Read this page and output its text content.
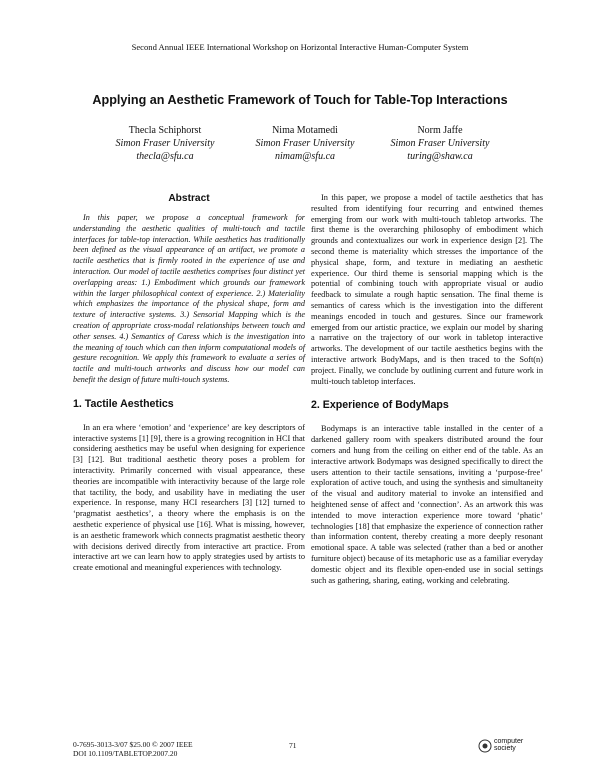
Second Annual IEEE International Workshop on Horizontal Interactive Human-Computer System
Applying an Aesthetic Framework of Touch for Table-Top Interactions
Thecla Schiphorst
Simon Fraser University
thecla@sfu.ca
Nima Motamedi
Simon Fraser University
nimam@sfu.ca
Norm Jaffe
Simon Fraser University
turing@shaw.ca
Abstract

In this paper, we propose a conceptual framework for understanding the aesthetic qualities of multi-touch and tactile interfaces for table-top interaction. While aesthetics has traditionally been defined as the visual appearance of an artifact, we promote a tactile aesthetics that is firmly rooted in the experience of use and interaction. Our model of tactile aesthetics comprises four distinct yet overlapping areas: 1.) Embodiment which grounds our framework within the larger philosophical context of experience. 2.) Materiality which emphasizes the importance of the physical shape, form and texture of interactive systems. 3.) Sensorial Mapping which is the creation of appropriate cross-modal relationships between touch and other senses. 4.) Semantics of Caress which is the investigation into the meaning of touch which can then inform computational models of gesture recognition. We apply this framework to evaluate a series of tactile and multi-touch artworks and discuss how our model can benefit the design of future multi-touch systems.

1. Tactile Aesthetics

In an era where ‘emotion’ and ‘experience’ are key descriptors of interactive systems [1] [9], there is a growing recognition in HCI that considering aesthetics may be useful when designing for experience [3] [12]. But traditional aesthetic theory poses a problem for interactivity. Primarily concerned with visual appearance, these theories are incompatible with interactivity because of the large role that tactility, the body, and usability have in mediating the user experience. In response, many HCI researchers [3] [12] turned to ‘pragmatist aesthetics’, a theory where the emphasis is on the aesthetic experience of physical use [16]. What is missing, however, is an aesthetic framework which connects pragmatist aesthetic theory with decisions derived directly from interactive art practice. From interactive art we can learn how to apply strategies used by artists to create emotional and meaningful experiences with technology.

In this paper, we propose a model of tactile aesthetics that has resulted from identifying four recurring and entwined themes emerging from our work with multi-touch tabletop artworks. The first theme is the overarching philosophy of embodiment which grounds and contextualizes our work in experience design [2]. The second theme is materiality which stresses the importance of the physical shape, form, and texture in mediating an aesthetic experience. Our third theme is sensorial mapping which is the potential of combining touch with appropriate visual or audio feedback to simulate a rough haptic sensation. The final theme is semantics of caress which is the investigation into the different meanings encoded in touch and gestures. Since our framework emerged from our artistic practice, we explain our model by sharing a narrative on the trajectory of our work in tabletop interactive artworks. The development of our tactile aesthetics begins with the interactive artwork BodyMaps, and is then traced to the Soft(n) project. Finally, we conclude by outlining current and future work in multi-touch tabletop interfaces.

2. Experience of BodyMaps

Bodymaps is an interactive table installed in the center of a darkened gallery room with speakers distributed around the four corners and hung from the ceiling on either end of the table. As an interactive artwork Bodymaps was designed specifically to direct the users attention to their tactile sensations, inviting a ‘purpose-free’ exploration of active touch, and using the synthesis and simultaneity of the visual and auditory material to invoke an intensified and heightened sense of affect and ‘connection’. As an artwork this was intended to move interaction experience more toward ‘phatic’ technologies [18] that emphasize the experience of connection rather than information content, thereby creating a more deeply resonant emotional space. A table was selected (rather than a bed or another furniture object) because of its metaphoric use as a familiar everyday domestic object and its flexible open-ended use in social settings such as gathering, sharing, eating, working and celebrating.

0-7695-3013-3/07 $25.00 © 2007 IEEE
DOI 10.1109/TABLETOP.2007.20
71	computer society
